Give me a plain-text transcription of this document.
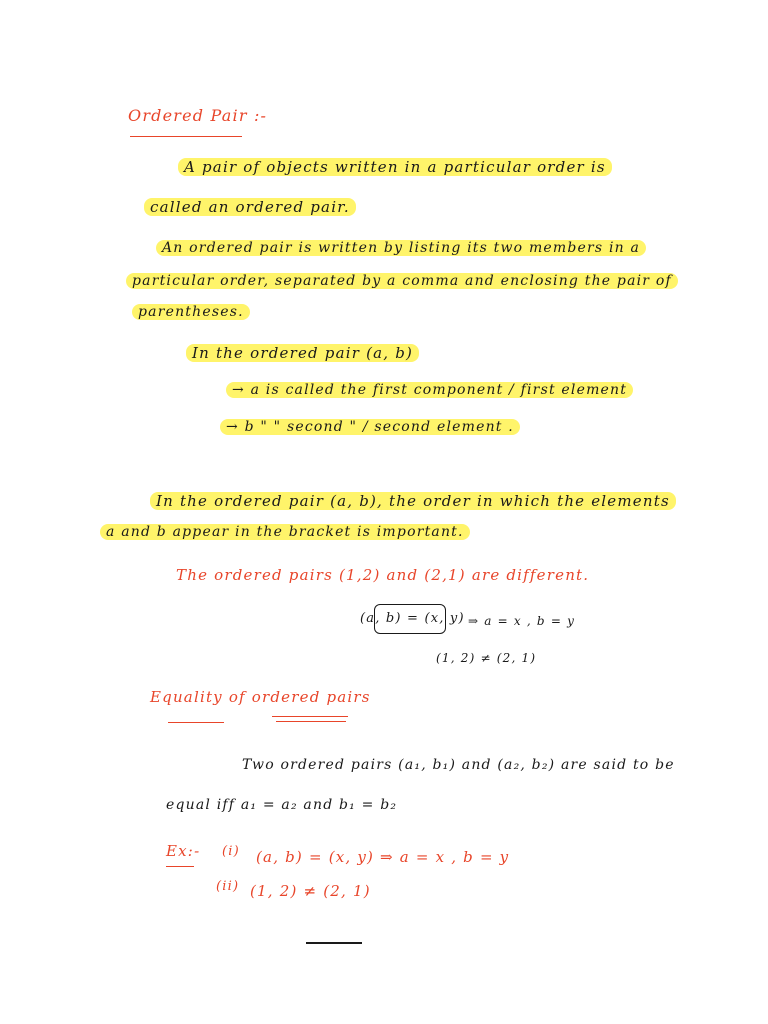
Ordered Pair :-
A pair of objects written in a particular order is
called an ordered pair.
An ordered pair is written by listing its two members in a
particular order, separated by a comma and enclosing the pair of
parentheses.
In the ordered pair (a, b)
→ a is called the first component / first element
→ b " " second " / second element .
In the ordered pair (a, b), the order in which the elements
a and b appear in the bracket is important.
The ordered pairs (1,2) and (2,1) are different.
(a, b) = (x, y) ⇒ a = x , b = y
(1, 2) ≠ (2, 1)
Equality of ordered pairs
Two ordered pairs (a₁, b₁) and (a₂, b₂) are said to be
equal iff a₁ = a₂ and b₁ = b₂
Ex:- (i) (a, b) = (x, y) ⇒ a = x , b = y
(ii) (1, 2) ≠ (2, 1)
